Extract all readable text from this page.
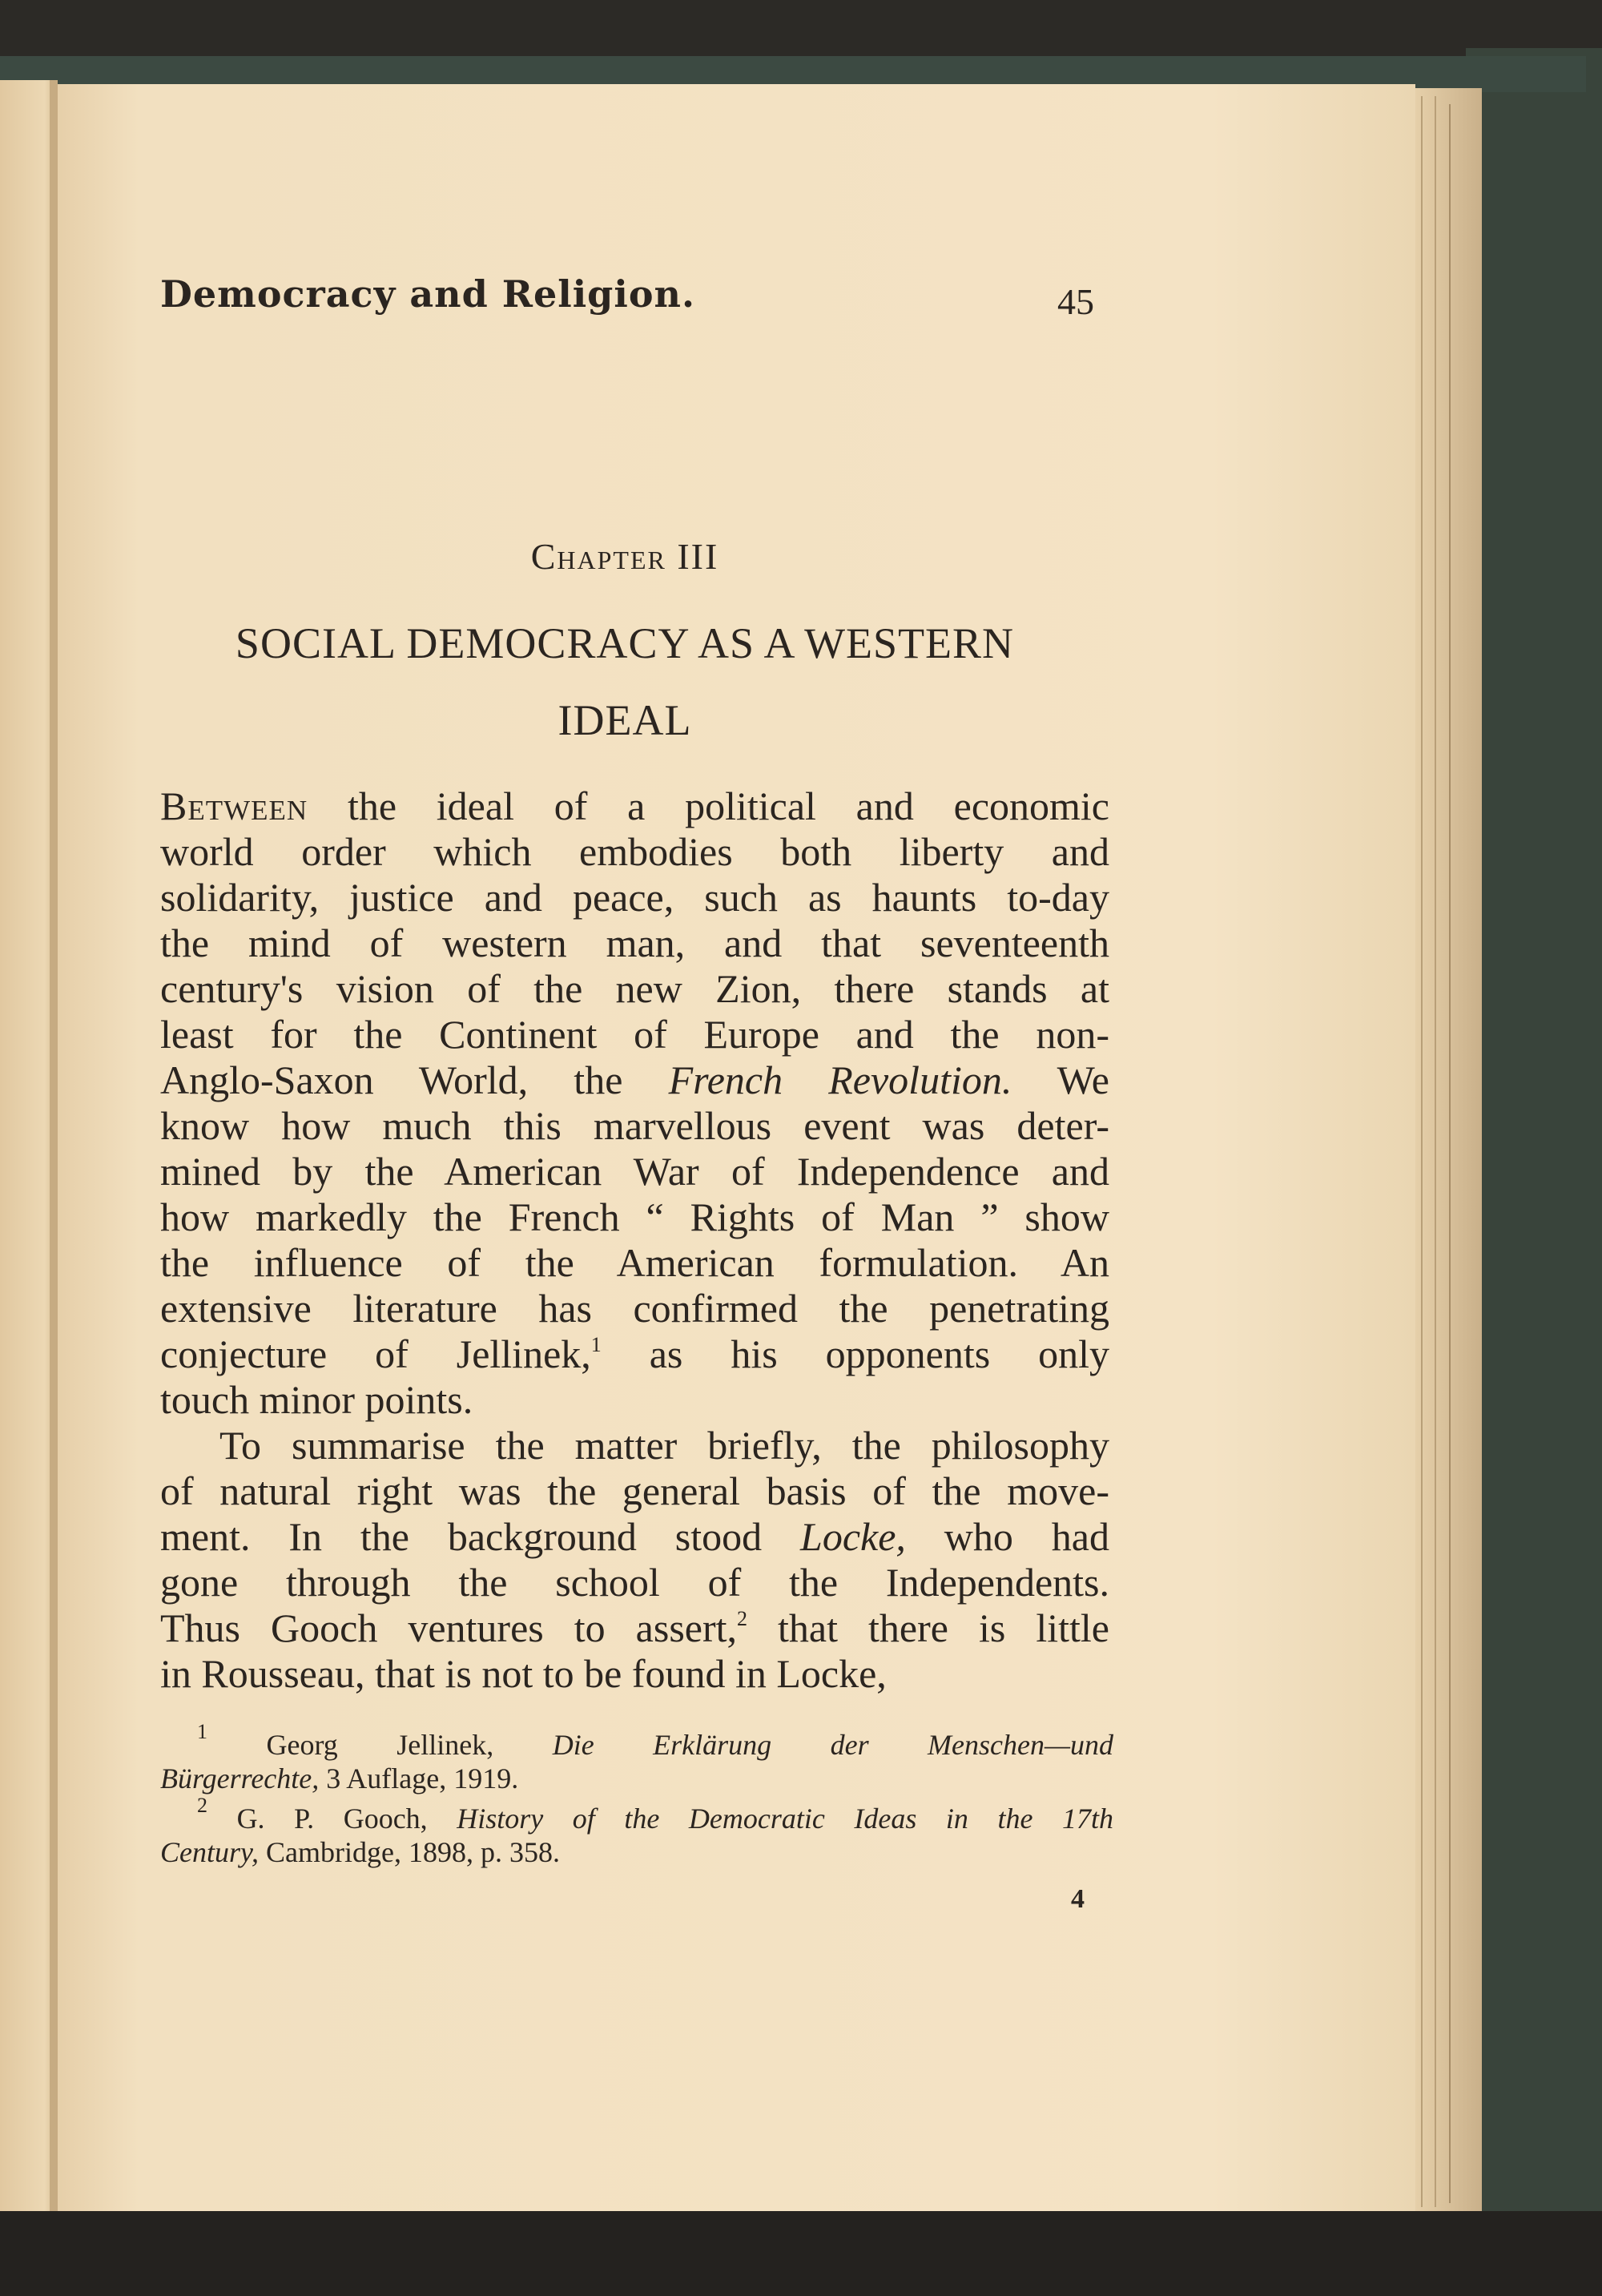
Democracy and Religion.	45
Chapter III
SOCIAL DEMOCRACY AS A WESTERN
IDEAL
Between the ideal of a political and economic
world order which embodies both liberty and
solidarity, justice and peace, such as haunts to-day
the mind of western man, and that seventeenth
century's vision of the new Zion, there stands at
least for the Continent of Europe and the non-
Anglo-Saxon World, the French Revolution. We
know how much this marvellous event was deter-
mined by the American War of Independence and
how markedly the French “ Rights of Man ” show
the influence of the American formulation. An
extensive literature has confirmed the penetrating
conjecture of Jellinek,$^1$ as his opponents only
touch minor points.
To summarise the matter briefly, the philosophy
of natural right was the general basis of the move-
ment. In the background stood Locke, who had
gone through the school of the Independents.
Thus Gooch ventures to assert,$^2$ that there is little
in Rousseau, that is not to be found in Locke,
$^1$ Georg Jellinek, Die Erklärung der Menschen—und
Bürgerrechte, 3 Auflage, 1919.
$^2$ G. P. Gooch, History of the Democratic Ideas in the 17th
Century, Cambridge, 1898, p. 358.
4
